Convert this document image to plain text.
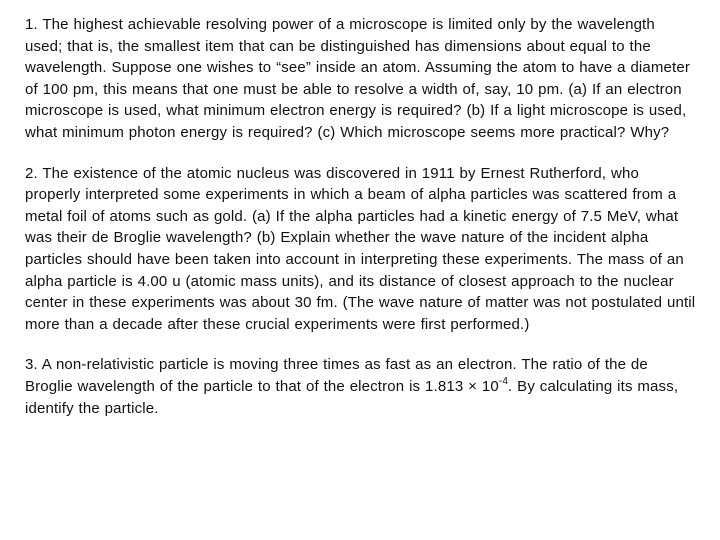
1. The highest achievable resolving power of a microscope is limited only by the wavelength used; that is, the smallest item that can be distinguished has dimensions about equal to the wavelength. Suppose one wishes to “see” inside an atom. Assuming the atom to have a diameter of 100 pm, this means that one must be able to resolve a width of, say, 10 pm. (a) If an electron microscope is used, what minimum electron energy is required? (b) If a light microscope is used, what minimum photon energy is required? (c) Which microscope seems more practical? Why?

2. The existence of the atomic nucleus was discovered in 1911 by Ernest Rutherford, who properly interpreted some experiments in which a beam of alpha particles was scattered from a metal foil of atoms such as gold. (a) If the alpha particles had a kinetic energy of 7.5 MeV, what was their de Broglie wavelength? (b) Explain whether the wave nature of the incident alpha particles should have been taken into account in interpreting these experiments. The mass of an alpha particle is 4.00 u (atomic mass units), and its distance of closest approach to the nuclear center in these experiments was about 30 fm. (The wave nature of matter was not postulated until more than a decade after these crucial experiments were first performed.)

3. A non-relativistic particle is moving three times as fast as an electron. The ratio of the de Broglie wavelength of the particle to that of the electron is $1.813 \times 10^{-4}$. By calculating its mass, identify the particle.
